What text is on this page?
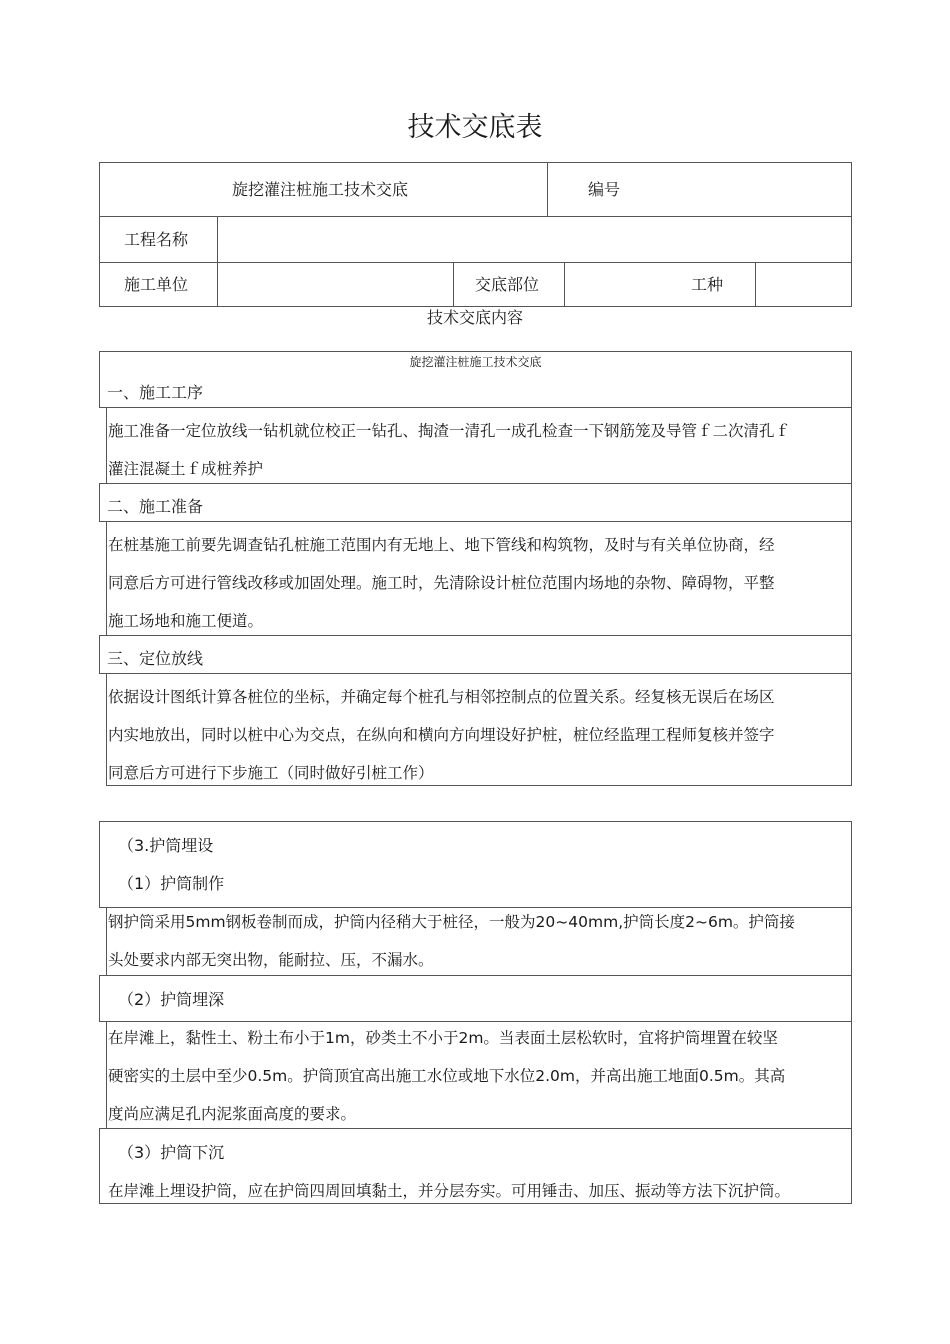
技术交底表
旋挖灌注桩施工技术交底	编号
工程名称
施工单位	交底部位	工种
技术交底内容
旋挖灌注桩施工技术交底
一、施工工序
施工准备一定位放线一钻机就位校正一钻孔、掏渣一清孔一成孔检查一下钢筋笼及导管ｆ二次清孔ｆ
灌注混凝土ｆ成桩养护
二、施工准备
在桩基施工前要先调查钻孔桩施工范围内有无地上、地下管线和构筑物，及时与有关单位协商，经
同意后方可进行管线改移或加固处理。施工时，先清除设计桩位范围内场地的杂物、障碍物，平整
施工场地和施工便道。
三、定位放线
依据设计图纸计算各桩位的坐标，并确定每个桩孔与相邻控制点的位置关系。经复核无误后在场区
内实地放出，同时以桩中心为交点，在纵向和横向方向埋设好护桩，桩位经监理工程师复核并签字
同意后方可进行下步施工（同时做好引桩工作）
（3.护筒埋设
（1）护筒制作
钢护筒采用5mm钢板卷制而成，护筒内径稍大于桩径，一般为20~40mm,护筒长度2~6m。护筒接
头处要求内部无突出物，能耐拉、压，不漏水。
（2）护筒埋深
在岸滩上，黏性土、粉土布小于1m，砂类土不小于2m。当表面土层松软时，宜将护筒埋置在较坚
硬密实的土层中至少0.5m。护筒顶宜高出施工水位或地下水位2.0m，并高出施工地面0.5m。其高
度尚应满足孔内泥浆面高度的要求。
（3）护筒下沉
在岸滩上埋设护筒，应在护筒四周回填黏土，并分层夯实。可用锤击、加压、振动等方法下沉护筒。
